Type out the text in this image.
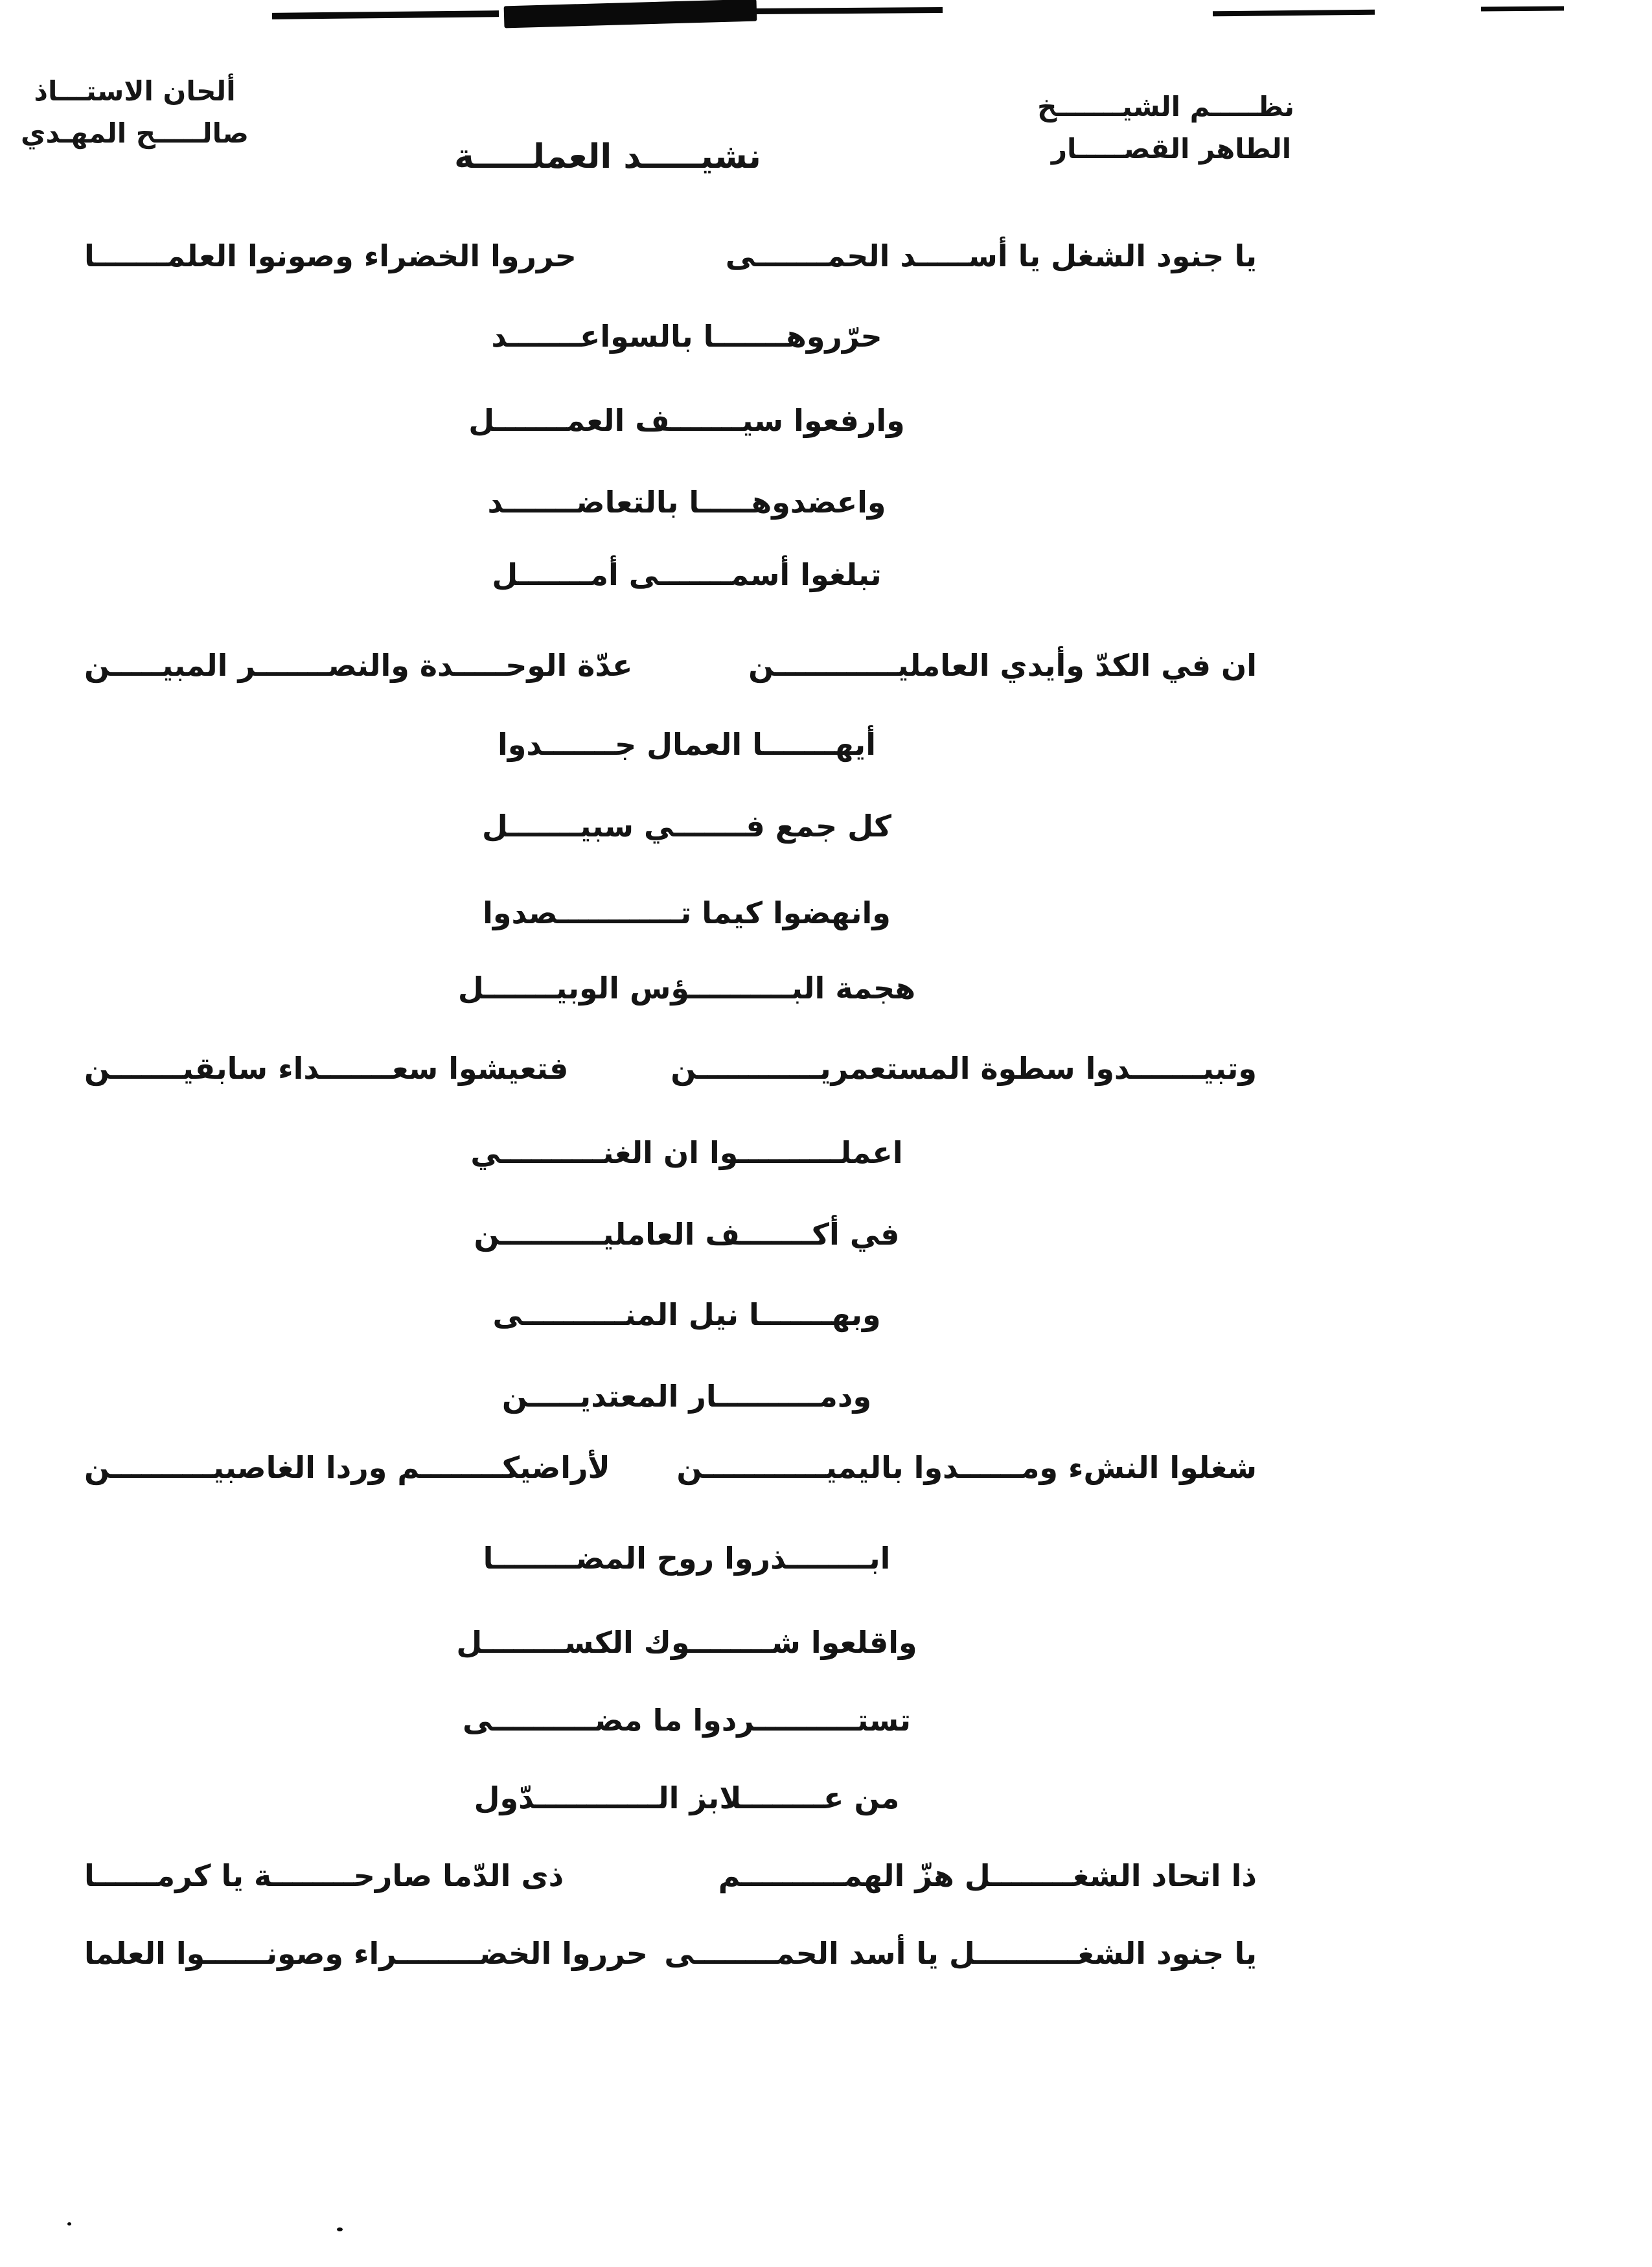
ألحان الاستـــاذ
صالـــــح المهـدي
نظـــــم الشيـــــــخ
الطاهر القصـــــار
نشيـــــد العملـــــة
يا جنود الشغل يا أســـــد الحمـــــــى
حرروا الخضراء وصونوا العلمـــــــا
حرّروهـــــــا بالسواعـــــــد
وارفعوا سيـــــــف العمـــــــل
واعضدوهـــــا بالتعاضـــــــد
تبلغوا أسمـــــــى أمـــــــل
ان في الكدّ وأيدي العامليــــــــــــن
عدّة الوحـــــدة والنصـــــــر المبيـــــن
أيهـــــــا العمال جـــــــدوا
كل جمع فـــــــي سبيـــــــل
وانهضوا كيما تــــــــــــصدوا
هجمة البــــــــــؤس الوبيـــــــل
وتبيـــــــدوا سطوة المستعمريــــــــــــن
فتعيشوا سعـــــــداء سابقيـــــــن
اعملــــــــــوا ان الغنــــــــــي
في أكـــــــف العامليــــــــــن
وبهـــــــا نيل المنــــــــــى
ودمــــــــــار المعتديـــــن
شغلوا النشء ومــــــدوا باليميــــــــــــن
لأراضيكــــــــم وردا الغاصبيــــــــــن
ابــــــــذروا روح المضــــــــا
واقلعوا شــــــــوك الكســــــــل
تستــــــــــردوا ما مضــــــــــى
من عــــــــلابز الــــــــــــدّول
ذا اتحاد الشغــــــــل هزّ الهمــــــــــم
ذى الدّما صارحــــــــة يا كرمــــــا
يا جنود الشغــــــــــل يا أسد الحمــــــــى
حرروا الخضــــــــراء وصونــــــوا العلما
